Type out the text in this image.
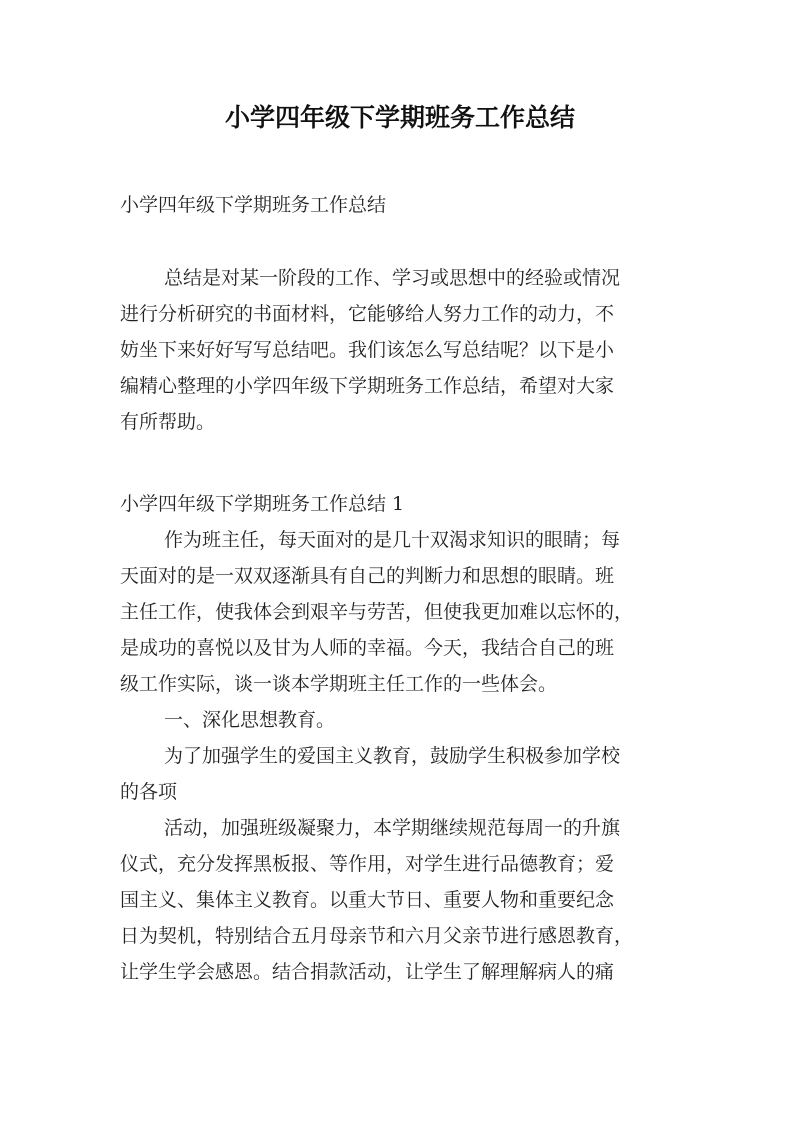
小学四年级下学期班务工作总结

小学四年级下学期班务工作总结

总结是对某一阶段的工作、学习或思想中的经验或情况

进行分析研究的书面材料，它能够给人努力工作的动力，不

妨坐下来好好写写总结吧。我们该怎么写总结呢？以下是小

编精心整理的小学四年级下学期班务工作总结，希望对大家

有所帮助。

小学四年级下学期班务工作总结 1

作为班主任，每天面对的是几十双渴求知识的眼睛；每

天面对的是一双双逐渐具有自己的判断力和思想的眼睛。班

主任工作，使我体会到艰辛与劳苦，但使我更加难以忘怀的，

是成功的喜悦以及甘为人师的幸福。今天，我结合自己的班

级工作实际，谈一谈本学期班主任工作的一些体会。

一、深化思想教育。

为了加强学生的爱国主义教育，鼓励学生积极参加学校

的各项

活动，加强班级凝聚力，本学期继续规范每周一的升旗

仪式，充分发挥黑板报、等作用，对学生进行品德教育；爱

国主义、集体主义教育。以重大节日、重要人物和重要纪念

日为契机，特别结合五月母亲节和六月父亲节进行感恩教育，

让学生学会感恩。结合捐款活动，让学生了解理解病人的痛
